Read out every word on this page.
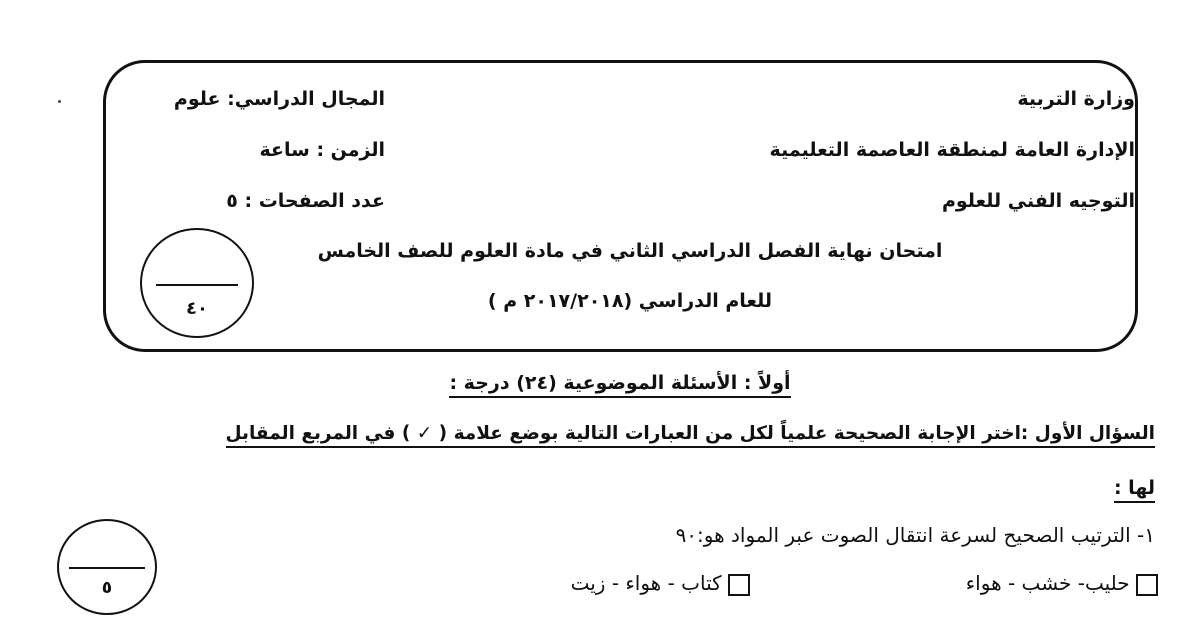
وزارة التربية
الإدارة العامة لمنطقة العاصمة التعليمية
التوجيه الفني للعلوم
المجال الدراسي: علوم
الزمن : ساعة
عدد الصفحات : ٥
امتحان نهاية الفصل الدراسي الثاني في مادة العلوم للصف الخامس
للعام الدراسي (٢٠١٧/٢٠١٨ م )
٤٠
أولاً : الأسئلة الموضوعية (٢٤) درجة :
السؤال الأول :اختر الإجابة الصحيحة علمياً لكل من العبارات التالية بوضع علامة ( ✓ ) في المربع المقابل
لها :
٥
١- الترتيب الصحيح لسرعة انتقال الصوت عبر المواد هو:٩٠
حليب- خشب - هواء
كتاب - هواء - زيت
